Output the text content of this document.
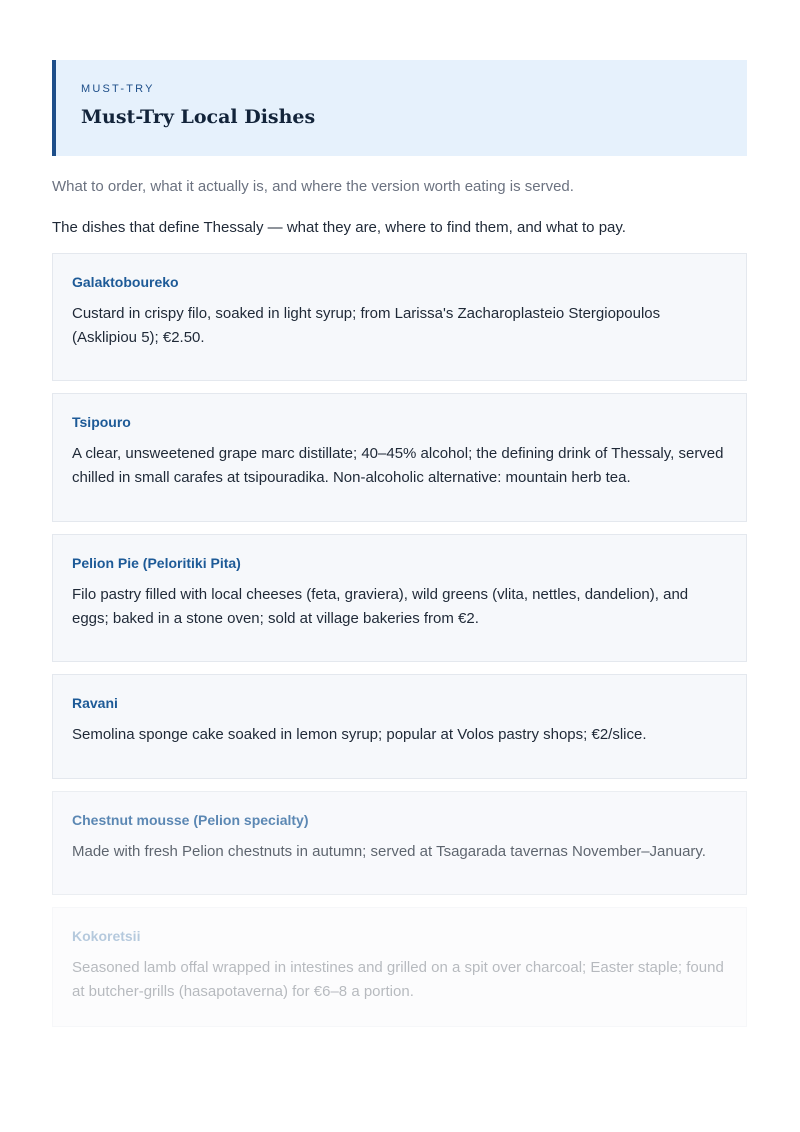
MUST-TRY
Must-Try Local Dishes

What to order, what it actually is, and where the version worth eating is served.

The dishes that define Thessaly — what they are, where to find them, and what to pay.

Galaktoboureko
Custard in crispy filo, soaked in light syrup; from Larissa's Zacharoplasteio Stergiopoulos (Asklipiou 5); €2.50.
Tsipouro
A clear, unsweetened grape marc distillate; 40–45% alcohol; the defining drink of Thessaly, served chilled in small carafes at tsipouradika. Non-alcoholic alternative: mountain herb tea.
Pelion Pie (Peloritiki Pita)
Filo pastry filled with local cheeses (feta, graviera), wild greens (vlita, nettles, dandelion), and eggs; baked in a stone oven; sold at village bakeries from €2.
Ravani
Semolina sponge cake soaked in lemon syrup; popular at Volos pastry shops; €2/slice.
Chestnut mousse (Pelion specialty)
Made with fresh Pelion chestnuts in autumn; served at Tsagarada tavernas November–January.
Kokoretsii
Seasoned lamb offal wrapped in intestines and grilled on a spit over charcoal; Easter staple; found at butcher-grills (hasapotaverna) for €6–8 a portion.
